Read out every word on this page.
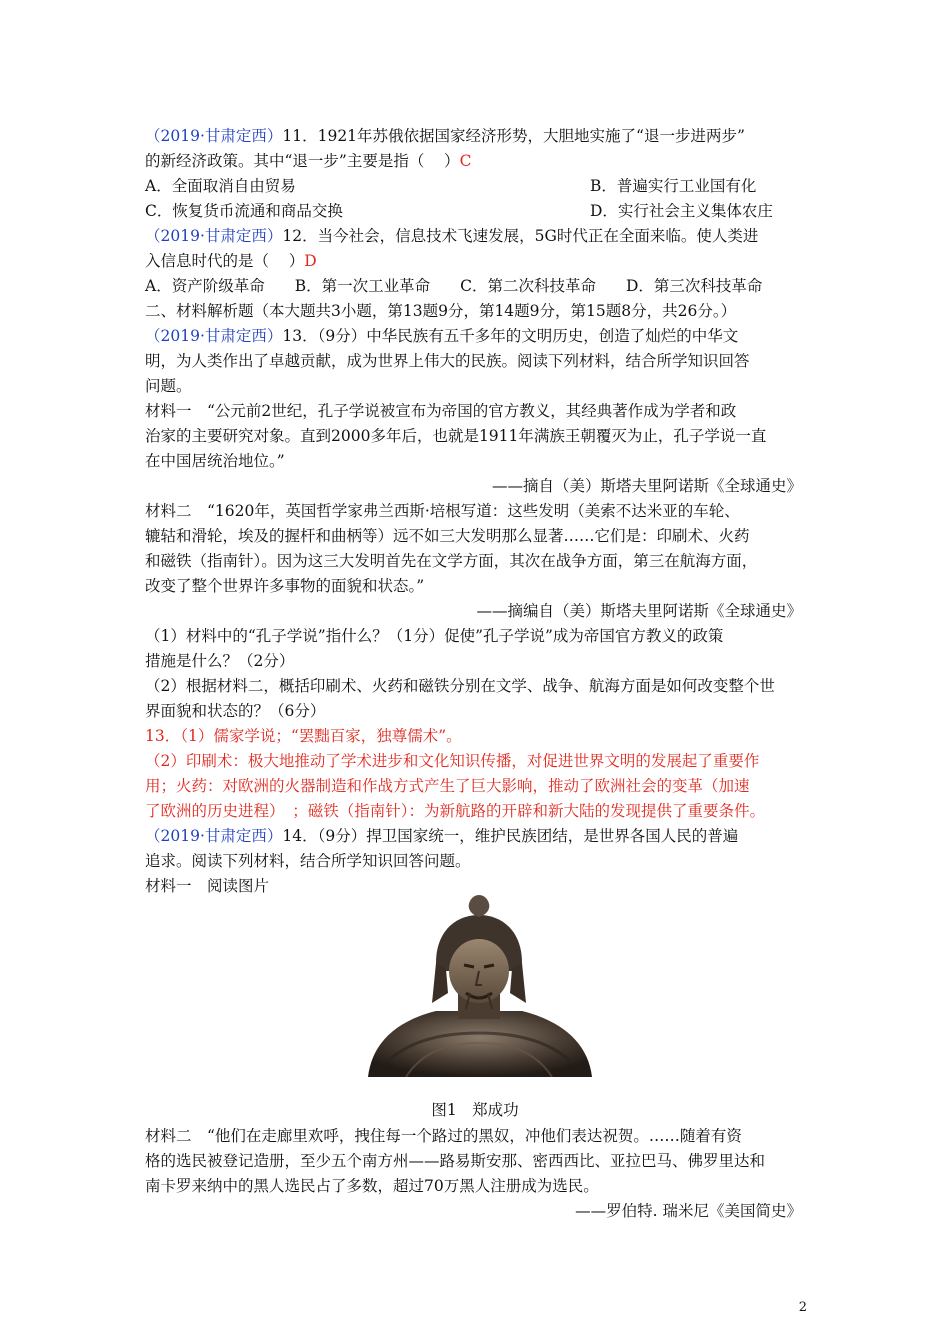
（2019·甘肃定西）11．1921年苏俄依据国家经济形势，大胆地实施了“退一步进两步”
的新经济政策。其中“退一步”主要是指（    ）C
A．全面取消自由贸易	B．普遍实行工业国有化
C．恢复货币流通和商品交换	D．实行社会主义集体农庄
（2019·甘肃定西）12．当今社会，信息技术飞速发展，5G时代正在全面来临。使人类进
入信息时代的是（    ）D
A．资产阶级革命 B．第一次工业革命 C．第二次科技革命 D．第三次科技革命
二、材料解析题（本大题共3小题，第13题9分，第14题9分，第15题8分，共26分。）
（2019·甘肃定西）13．（9分）中华民族有五千多年的文明历史，创造了灿烂的中华文
明，为人类作出了卓越贡献，成为世界上伟大的民族。阅读下列材料，结合所学知识回答
问题。
材料一　“公元前2世纪，孔子学说被宣布为帝国的官方教义，其经典著作成为学者和政
治家的主要研究对象。直到2000多年后，也就是1911年满族王朝覆灭为止，孔子学说一直
在中国居统治地位。”
——摘自（美）斯塔夫里阿诺斯《全球通史》
材料二　“1620年，英国哲学家弗兰西斯·培根写道：这些发明（美索不达米亚的车轮、
辘轱和滑轮，埃及的握杆和曲柄等）远不如三大发明那么显著……它们是：印刷术、火药
和磁铁（指南针）。因为这三大发明首先在文学方面，其次在战争方面，第三在航海方面，
改变了整个世界许多事物的面貌和状态。”
——摘编自（美）斯塔夫里阿诺斯《全球通史》
（1）材料中的“孔子学说”指什么？（1分）促使”孔子学说”成为帝国官方教义的政策
措施是什么？（2分）
（2）根据材料二，概括印刷术、火药和磁铁分别在文学、战争、航海方面是如何改变整个世
界面貌和状态的？（6分）
13．（1）儒家学说；“罢黜百家，独尊儒术”。
（2）印刷术：极大地推动了学术进步和文化知识传播，对促进世界文明的发展起了重要作
用；火药：对欧洲的火器制造和作战方式产生了巨大影响，推动了欧洲社会的变革（加速
了欧洲的历史进程）　；磁铁（指南针）：为新航路的开辟和新大陆的发现提供了重要条件。
（2019·甘肃定西）14．（9分）捍卫国家统一，维护民族团结，是世界各国人民的普遍
追求。阅读下列材料，结合所学知识回答问题。
材料一　阅读图片
图1　郑成功
材料二　“他们在走廊里欢呼，拽住每一个路过的黑奴，冲他们表达祝贺。……随着有资
格的选民被登记造册，至少五个南方州——路易斯安那、密西西比、亚拉巴马、佛罗里达和
南卡罗来纳中的黑人选民占了多数，超过70万黑人注册成为选民。
——罗伯特. 瑞米尼《美国简史》
2
